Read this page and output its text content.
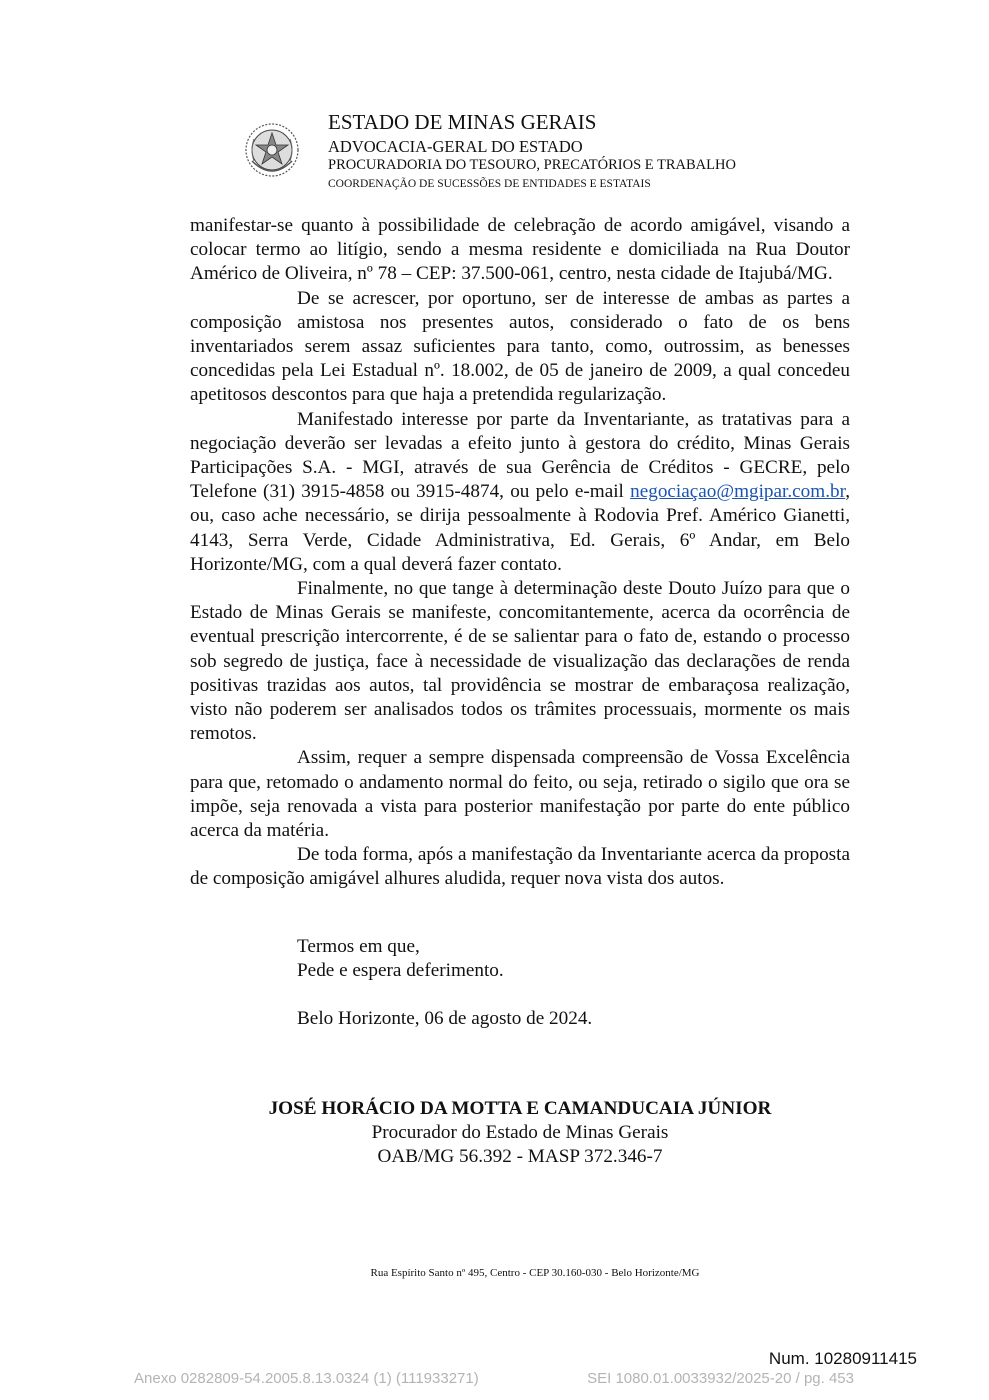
ESTADO DE MINAS GERAIS
ADVOCACIA-GERAL DO ESTADO
PROCURADORIA DO TESOURO, PRECATÓRIOS E TRABALHO
COORDENAÇÃO DE SUCESSÕES DE ENTIDADES E ESTATAIS

manifestar-se quanto à possibilidade de celebração de acordo amigável, visando a colocar termo ao litígio, sendo a mesma residente e domiciliada na Rua Doutor Américo de Oliveira, nº 78 – CEP: 37.500-061, centro, nesta cidade de Itajubá/MG.

De se acrescer, por oportuno, ser de interesse de ambas as partes a composição amistosa nos presentes autos, considerado o fato de os bens inventariados serem assaz suficientes para tanto, como, outrossim, as benesses concedidas pela Lei Estadual nº. 18.002, de 05 de janeiro de 2009, a qual concedeu apetitosos descontos para que haja a pretendida regularização.

Manifestado interesse por parte da Inventariante, as tratativas para a negociação deverão ser levadas a efeito junto à gestora do crédito, Minas Gerais Participações S.A. - MGI, através de sua Gerência de Créditos - GECRE, pelo Telefone (31) 3915-4858 ou 3915-4874, ou pelo e-mail negociaçao@mgipar.com.br, ou, caso ache necessário, se dirija pessoalmente à Rodovia Pref. Américo Gianetti, 4143, Serra Verde, Cidade Administrativa, Ed. Gerais, 6º Andar, em Belo Horizonte/MG, com a qual deverá fazer contato.

Finalmente, no que tange à determinação deste Douto Juízo para que o Estado de Minas Gerais se manifeste, concomitantemente, acerca da ocorrência de eventual prescrição intercorrente, é de se salientar para o fato de, estando o processo sob segredo de justiça, face à necessidade de visualização das declarações de renda positivas trazidas aos autos, tal providência se mostrar de embaraçosa realização, visto não poderem ser analisados todos os trâmites processuais, mormente os mais remotos.

Assim, requer a sempre dispensada compreensão de Vossa Excelência para que, retomado o andamento normal do feito, ou seja, retirado o sigilo que ora se impõe, seja renovada a vista para posterior manifestação por parte do ente público acerca da matéria.

De toda forma, após a manifestação da Inventariante acerca da proposta de composição amigável alhures aludida, requer nova vista dos autos.

Termos em que,
Pede e espera deferimento.
Belo Horizonte, 06 de agosto de 2024.
JOSÉ HORÁCIO DA MOTTA E CAMANDUCAIA JÚNIOR
Procurador do Estado de Minas Gerais
OAB/MG 56.392 - MASP 372.346-7
Rua Espírito Santo nº 495, Centro - CEP 30.160-030 - Belo Horizonte/MG
Num. 10280911415
Anexo 0282809-54.2005.8.13.0324 (1) (111933271)	SEI 1080.01.0033932/2025-20 / pg. 453
